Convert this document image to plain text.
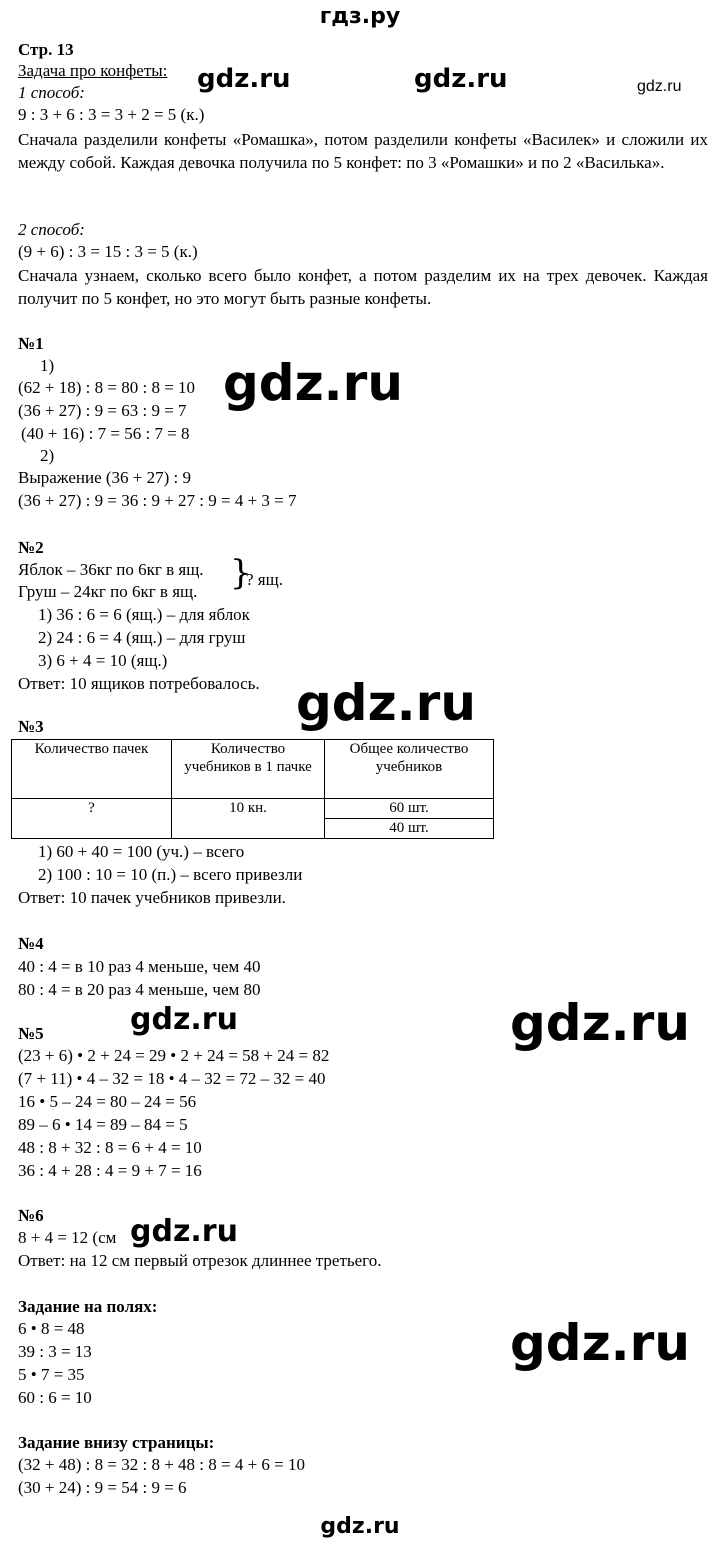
гдз.ру
gdz.ru	gdz.ru	gdz.ru
gdz.ru
gdz.ru
gdz.ru	gdz.ru
gdz.ru
gdz.ru
Стр. 13
Задача про конфеты:
1 способ:
9 : 3 + 6 : 3 = 3 + 2 = 5 (к.)
Сначала разделили конфеты «Ромашка», потом разделили конфеты «Василек» и сложили их между собой. Каждая девочка получила по 5 конфет: по 3 «Ромашки» и по 2 «Василька».
2 способ:
(9 + 6) : 3 = 15 : 3 = 5 (к.)
Сначала узнаем, сколько всего было конфет, а потом разделим их на трех девочек. Каждая получит по 5 конфет, но это могут быть разные конфеты.
№1
1)
(62 + 18) : 8 = 80 : 8 = 10
(36 + 27) : 9 = 63 : 9 = 7
(40 + 16) : 7 = 56 : 7 = 8
2)
Выражение (36 + 27) : 9
(36 + 27) : 9 = 36 : 9 + 27 : 9 = 4 + 3 = 7
№2
Яблок – 36кг по 6кг в ящ.
Груш – 24кг по 6кг в ящ. }
? ящ.
1) 36 : 6 = 6 (ящ.) – для яблок
2) 24 : 6 = 4 (ящ.) – для груш
3) 6 + 4 = 10 (ящ.)
Ответ: 10 ящиков потребовалось.
№3
Количество пачек	Количество учебников в 1 пачке	Общее количество учебников
?	10 кн.	60 шт.
		40 шт.
1) 60 + 40 = 100 (уч.) – всего
2) 100 : 10 = 10 (п.) – всего привезли
Ответ: 10 пачек учебников привезли.
№4
40 : 4 = в 10 раз 4 меньше, чем 40
80 : 4 = в 20 раз 4 меньше, чем 80
№5
(23 + 6) • 2 + 24 = 29 • 2 + 24 = 58 + 24 = 82
(7 + 11) • 4 – 32 = 18 • 4 – 32 = 72 – 32 = 40
16 • 5 – 24 = 80 – 24 = 56
89 – 6 • 14 = 89 – 84 = 5
48 : 8 + 32 : 8 = 6 + 4 = 10
36 : 4 + 28 : 4 = 9 + 7 = 16
№6
8 + 4 = 12 (см
Ответ: на 12 см первый отрезок длиннее третьего.
Задание на полях:
6 • 8 = 48
39 : 3 = 13
5 • 7 = 35
60 : 6 = 10
Задание внизу страницы:
(32 + 48) : 8 = 32 : 8 + 48 : 8 = 4 + 6 = 10
(30 + 24) : 9 = 54 : 9 = 6
gdz.ru
